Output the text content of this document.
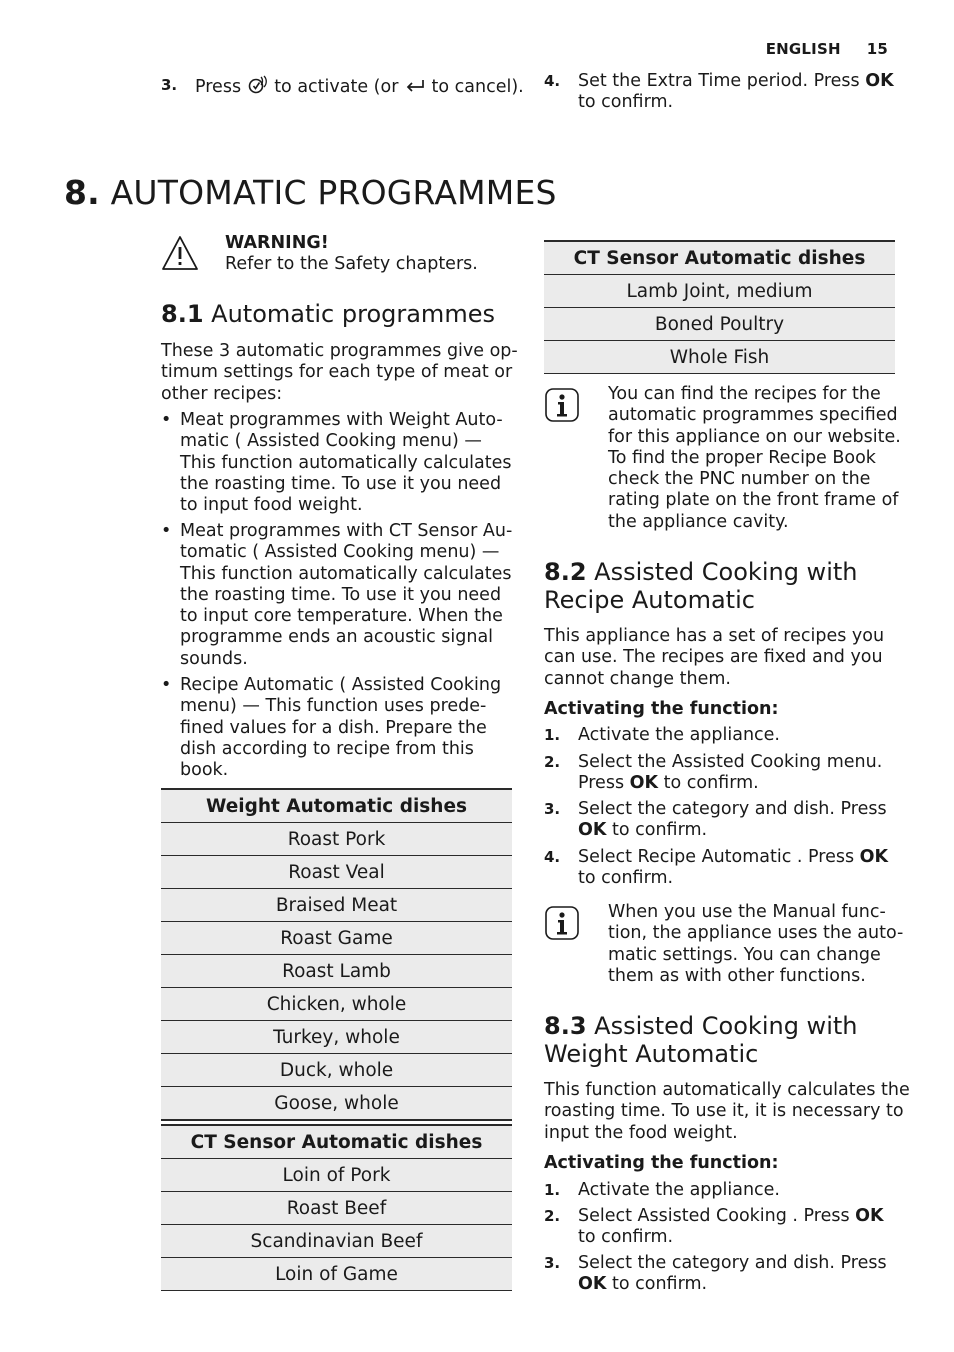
ENGLISH 15
3. Press  to activate (or  to cancel). 4. Set the Extra Time period. Press OK
to confirm.
8. AUTOMATIC PROGRAMMES
WARNING!
Refer to the Safety chapters.
8.1 Automatic programmes
These 3 automatic programmes give op-
timum settings for each type of meat or
other recipes:
• Meat programmes with Weight Auto-
matic ( Assisted Cooking menu) —
This function automatically calculates
the roasting time. To use it you need
to input food weight.
• Meat programmes with CT Sensor Au-
tomatic ( Assisted Cooking menu) —
This function automatically calculates
the roasting time. To use it you need
to input core temperature. When the
programme ends an acoustic signal
sounds.
• Recipe Automatic ( Assisted Cooking
menu) — This function uses prede-
fined values for a dish. Prepare the
dish according to recipe from this
book.
Weight Automatic dishes
Roast Pork
Roast Veal
Braised Meat
Roast Game
Roast Lamb
Chicken, whole
Turkey, whole
Duck, whole
Goose, whole
CT Sensor Automatic dishes
Loin of Pork
Roast Beef
Scandinavian Beef
Loin of Game
CT Sensor Automatic dishes
Lamb Joint, medium
Boned Poultry
Whole Fish
You can find the recipes for the
automatic programmes specified
for this appliance on our website.
To find the proper Recipe Book
check the PNC number on the
rating plate on the front frame of
the appliance cavity.
8.2 Assisted Cooking with
Recipe Automatic
This appliance has a set of recipes you
can use. The recipes are fixed and you
cannot change them.
Activating the function:
1. Activate the appliance.
2. Select the Assisted Cooking menu.
Press OK to confirm.
3. Select the category and dish. Press
OK to confirm.
4. Select Recipe Automatic . Press OK
to confirm.
When you use the Manual func-
tion, the appliance uses the auto-
matic settings. You can change
them as with other functions.
8.3 Assisted Cooking with
Weight Automatic
This function automatically calculates the
roasting time. To use it, it is necessary to
input the food weight.
Activating the function:
1. Activate the appliance.
2. Select Assisted Cooking . Press OK
to confirm.
3. Select the category and dish. Press
OK to confirm.
